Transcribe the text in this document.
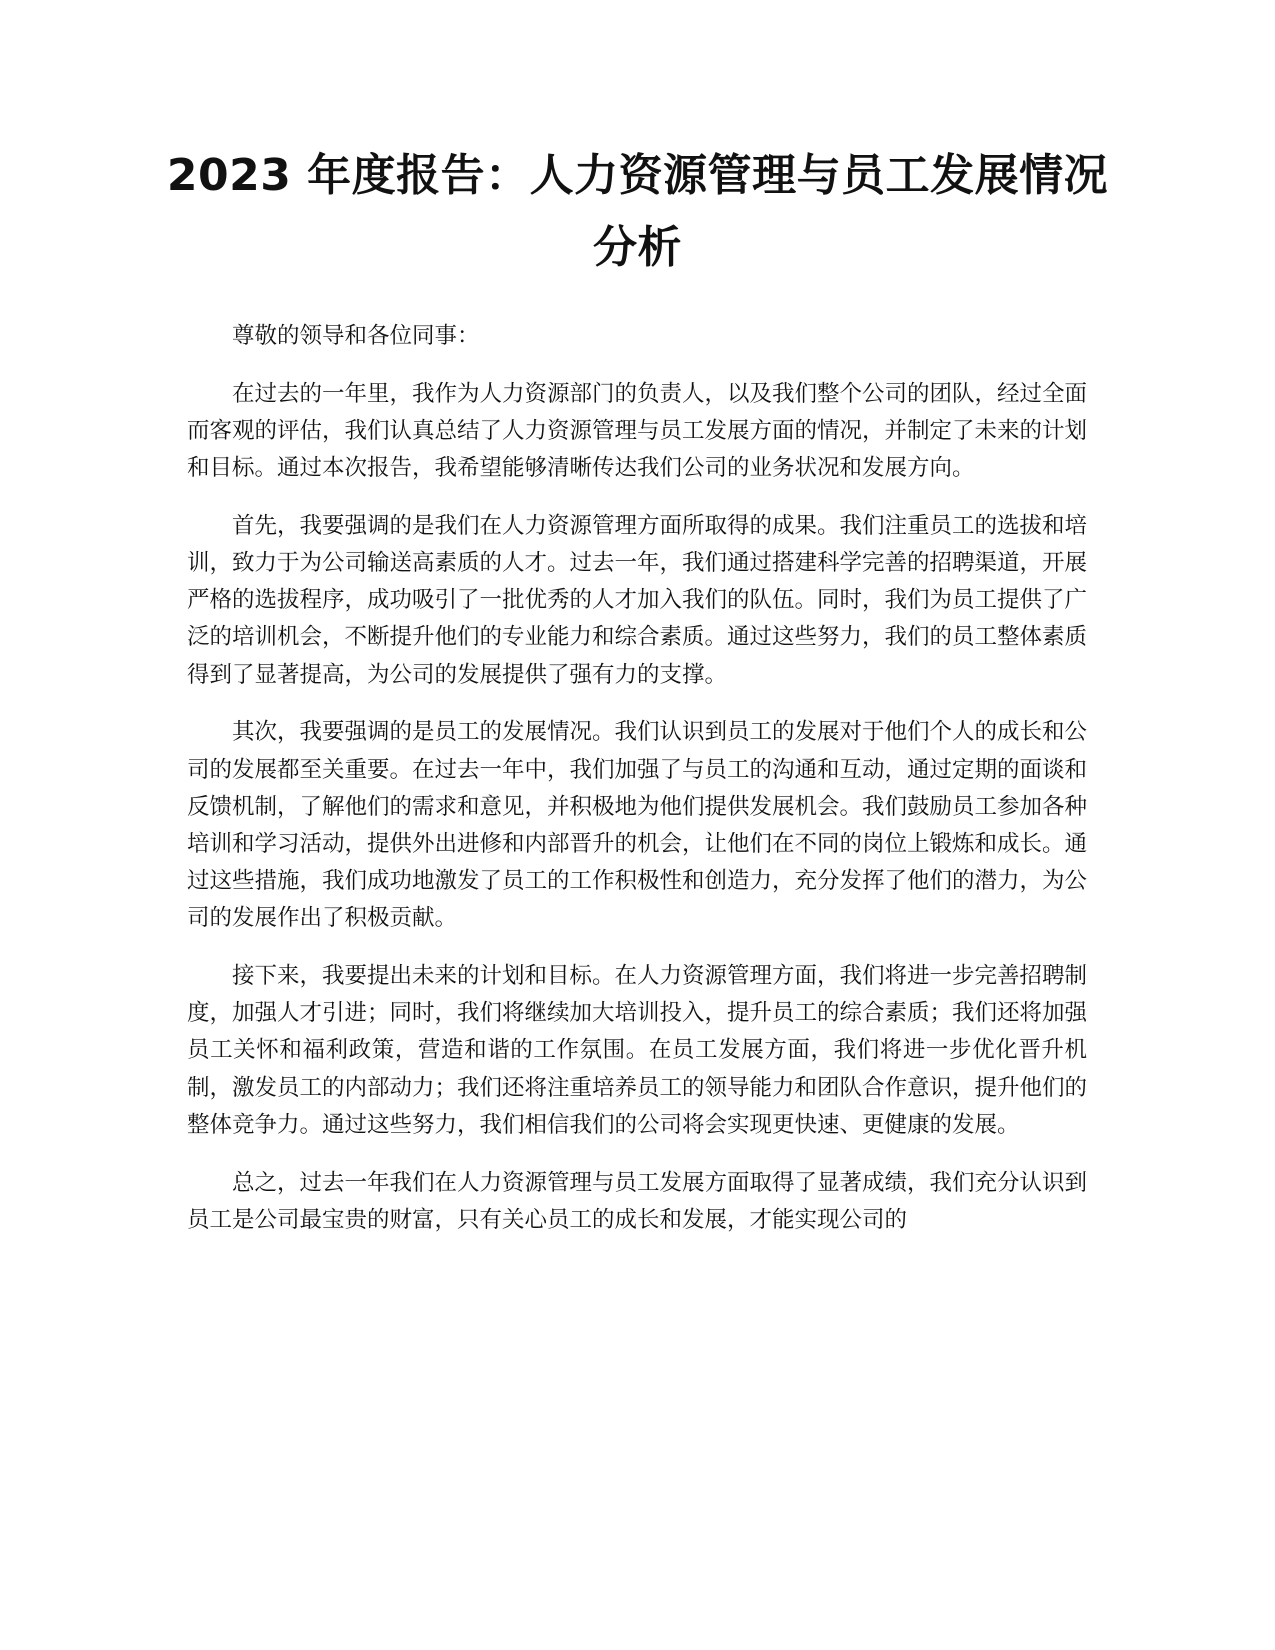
2023 年度报告：人力资源管理与员工发展情况分析

尊敬的领导和各位同事：

在过去的一年里，我作为人力资源部门的负责人，以及我们整个公司的团队，经过全面而客观的评估，我们认真总结了人力资源管理与员工发展方面的情况，并制定了未来的计划和目标。通过本次报告，我希望能够清晰传达我们公司的业务状况和发展方向。

首先，我要强调的是我们在人力资源管理方面所取得的成果。我们注重员工的选拔和培训，致力于为公司输送高素质的人才。过去一年，我们通过搭建科学完善的招聘渠道，开展严格的选拔程序，成功吸引了一批优秀的人才加入我们的队伍。同时，我们为员工提供了广泛的培训机会，不断提升他们的专业能力和综合素质。通过这些努力，我们的员工整体素质得到了显著提高，为公司的发展提供了强有力的支撑。

其次，我要强调的是员工的发展情况。我们认识到员工的发展对于他们个人的成长和公司的发展都至关重要。在过去一年中，我们加强了与员工的沟通和互动，通过定期的面谈和反馈机制，了解他们的需求和意见，并积极地为他们提供发展机会。我们鼓励员工参加各种培训和学习活动，提供外出进修和内部晋升的机会，让他们在不同的岗位上锻炼和成长。通过这些措施，我们成功地激发了员工的工作积极性和创造力，充分发挥了他们的潜力，为公司的发展作出了积极贡献。

接下来，我要提出未来的计划和目标。在人力资源管理方面，我们将进一步完善招聘制度，加强人才引进；同时，我们将继续加大培训投入，提升员工的综合素质；我们还将加强员工关怀和福利政策，营造和谐的工作氛围。在员工发展方面，我们将进一步优化晋升机制，激发员工的内部动力；我们还将注重培养员工的领导能力和团队合作意识，提升他们的整体竞争力。通过这些努力，我们相信我们的公司将会实现更快速、更健康的发展。

总之，过去一年我们在人力资源管理与员工发展方面取得了显著成绩，我们充分认识到员工是公司最宝贵的财富，只有关心员工的成长和发展，才能实现公司的
